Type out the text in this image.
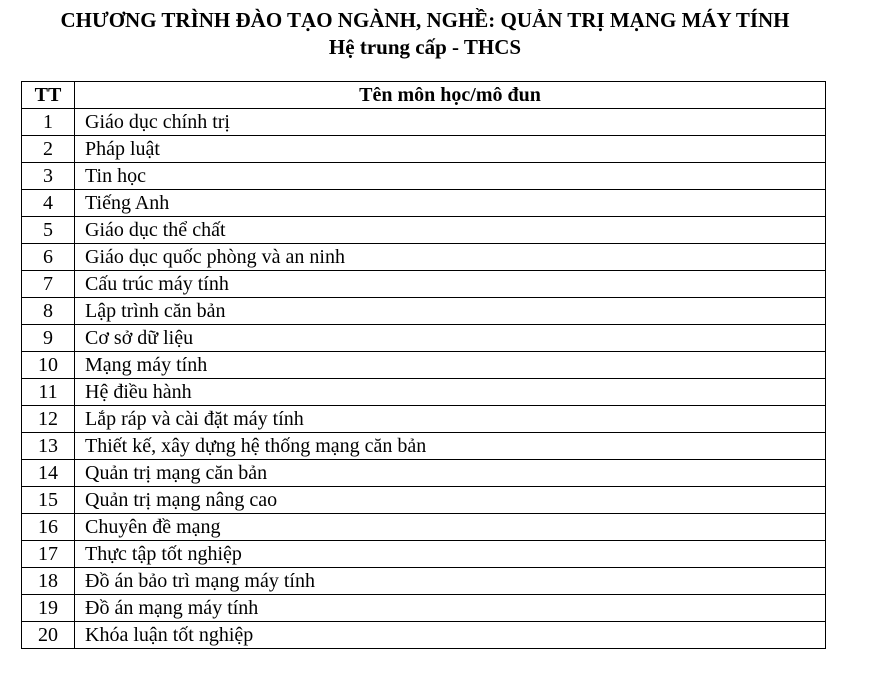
CHƯƠNG TRÌNH ĐÀO TẠO NGÀNH, NGHỀ: QUẢN TRỊ MẠNG MÁY TÍNH
Hệ trung cấp - THCS
TT	Tên môn học/mô đun
1	Giáo dục chính trị
2	Pháp luật
3	Tin học
4	Tiếng Anh
5	Giáo dục thể chất
6	Giáo dục quốc phòng và an ninh
7	Cấu trúc máy tính
8	Lập trình căn bản
9	Cơ sở dữ liệu
10	Mạng máy tính
11	Hệ điều hành
12	Lắp ráp và cài đặt máy tính
13	Thiết kế, xây dựng hệ thống mạng căn bản
14	Quản trị mạng căn bản
15	Quản trị mạng nâng cao
16	Chuyên đề mạng
17	Thực tập tốt nghiệp
18	Đồ án bảo trì mạng máy tính
19	Đồ án mạng máy tính
20	Khóa luận tốt nghiệp
